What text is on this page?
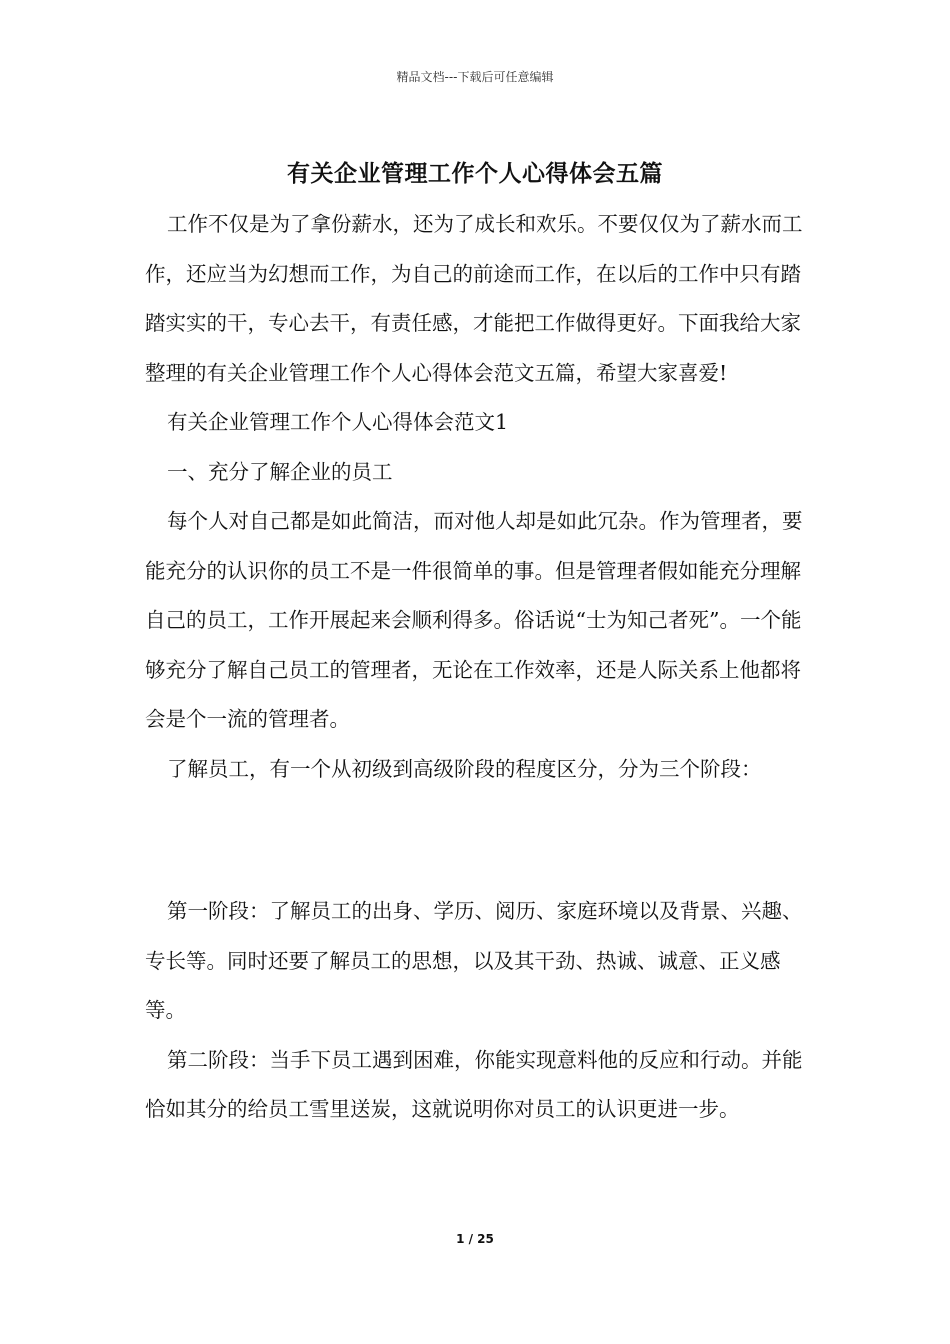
精品文档---下载后可任意编辑
有关企业管理工作个人心得体会五篇

工作不仅是为了拿份薪水，还为了成长和欢乐。不要仅仅为了薪水而工作，还应当为幻想而工作，为自己的前途而工作，在以后的工作中只有踏踏实实的干，专心去干，有责任感，才能把工作做得更好。下面我给大家整理的有关企业管理工作个人心得体会范文五篇，希望大家喜爱!

有关企业管理工作个人心得体会范文1

一、充分了解企业的员工

每个人对自己都是如此简洁，而对他人却是如此冗杂。作为管理者，要能充分的认识你的员工不是一件很简单的事。但是管理者假如能充分理解自己的员工，工作开展起来会顺利得多。俗话说“士为知己者死”。一个能够充分了解自己员工的管理者，无论在工作效率，还是人际关系上他都将会是个一流的管理者。

了解员工，有一个从初级到高级阶段的程度区分，分为三个阶段：

第一阶段：了解员工的出身、学历、阅历、家庭环境以及背景、兴趣、专长等。同时还要了解员工的思想，以及其干劲、热诚、诚意、正义感等。

第二阶段：当手下员工遇到困难，你能实现意料他的反应和行动。并能恰如其分的给员工雪里送炭，这就说明你对员工的认识更进一步。

1 / 25
